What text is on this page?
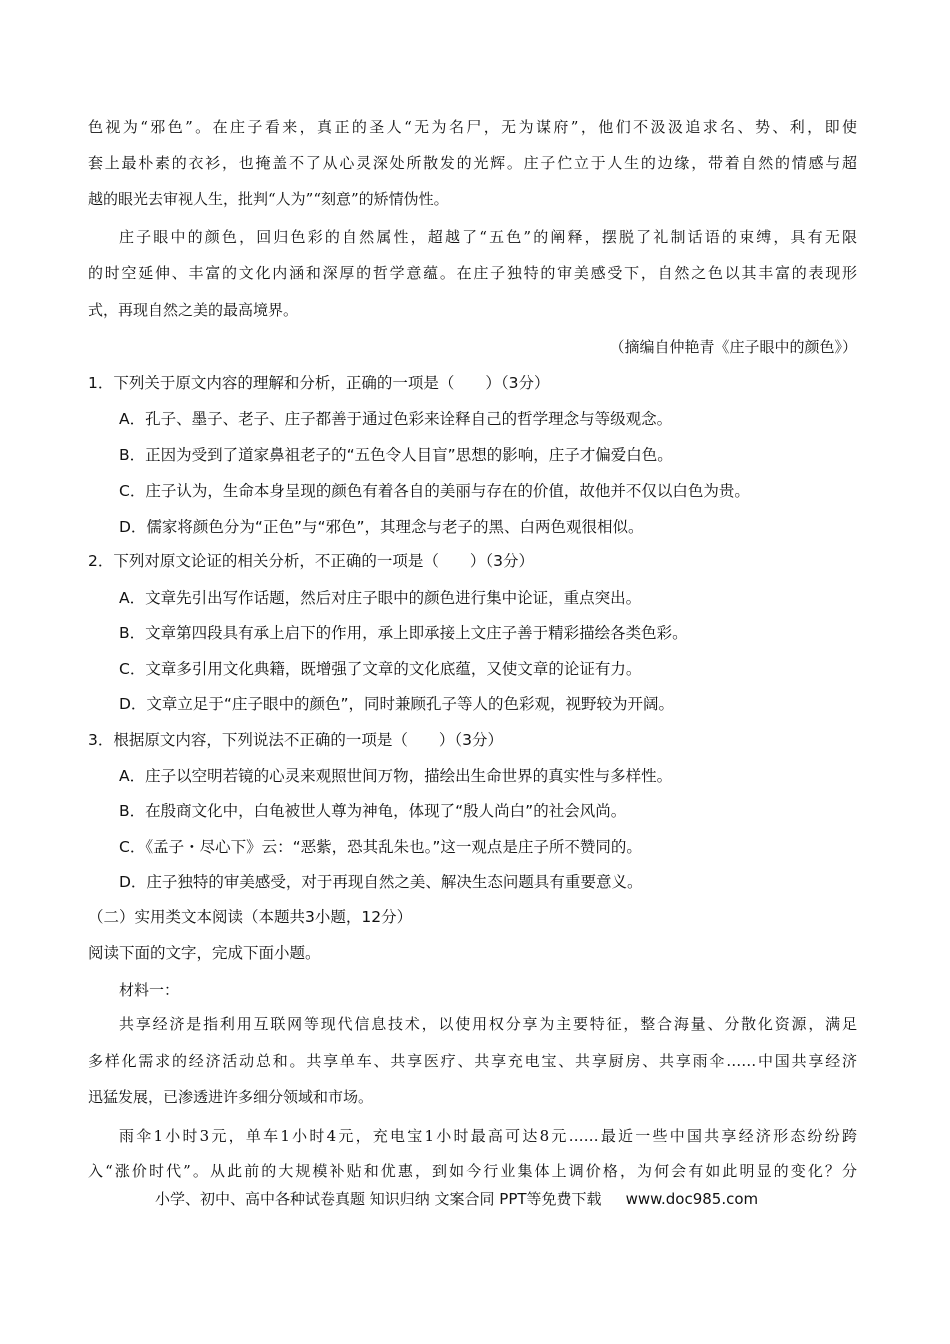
色视为“邪色”。在庄子看来，真正的圣人“无为名尸，无为谋府”，他们不汲汲追求名、势、利，即使
套上最朴素的衣衫，也掩盖不了从心灵深处所散发的光辉。庄子伫立于人生的边缘，带着自然的情感与超
越的眼光去审视人生，批判“人为”“刻意”的矫情伪性。
庄子眼中的颜色，回归色彩的自然属性，超越了“五色”的阐释，摆脱了礼制话语的束缚，具有无限
的时空延伸、丰富的文化内涵和深厚的哲学意蕴。在庄子独特的审美感受下，自然之色以其丰富的表现形
式，再现自然之美的最高境界。
（摘编自仲艳青《庄子眼中的颜色》）
1．下列关于原文内容的理解和分析，正确的一项是（　　）（3分）
A．孔子、墨子、老子、庄子都善于通过色彩来诠释自己的哲学理念与等级观念。
B．正因为受到了道家鼻祖老子的“五色令人目盲”思想的影响，庄子才偏爱白色。
C．庄子认为，生命本身呈现的颜色有着各自的美丽与存在的价值，故他并不仅以白色为贵。
D．儒家将颜色分为“正色”与“邪色”，其理念与老子的黑、白两色观很相似。
2．下列对原文论证的相关分析，不正确的一项是（　　）（3分）
A．文章先引出写作话题，然后对庄子眼中的颜色进行集中论证，重点突出。
B．文章第四段具有承上启下的作用，承上即承接上文庄子善于精彩描绘各类色彩。
C．文章多引用文化典籍，既增强了文章的文化底蕴，又使文章的论证有力。
D．文章立足于“庄子眼中的颜色”，同时兼顾孔子等人的色彩观，视野较为开阔。
3．根据原文内容，下列说法不正确的一项是（　　）（3分）
A．庄子以空明若镜的心灵来观照世间万物，描绘出生命世界的真实性与多样性。
B．在殷商文化中，白龟被世人尊为神龟，体现了“殷人尚白”的社会风尚。
C．《孟子・尽心下》云：“恶紫，恐其乱朱也。”这一观点是庄子所不赞同的。
D．庄子独特的审美感受，对于再现自然之美、解决生态问题具有重要意义。
（二）实用类文本阅读（本题共3小题，12分）
阅读下面的文字，完成下面小题。
材料一：
共享经济是指利用互联网等现代信息技术，以使用权分享为主要特征，整合海量、分散化资源，满足
多样化需求的经济活动总和。共享单车、共享医疗、共享充电宝、共享厨房、共享雨伞……中国共享经济
迅猛发展，已渗透进许多细分领域和市场。
雨伞1小时3元，单车1小时4元，充电宝1小时最高可达8元……最近一些中国共享经济形态纷纷跨
入“涨价时代”。从此前的大规模补贴和优惠，到如今行业集体上调价格，为何会有如此明显的变化？分
小学、初中、高中各种试卷真题 知识归纳 文案合同 PPT等免费下载 www.doc985.com
